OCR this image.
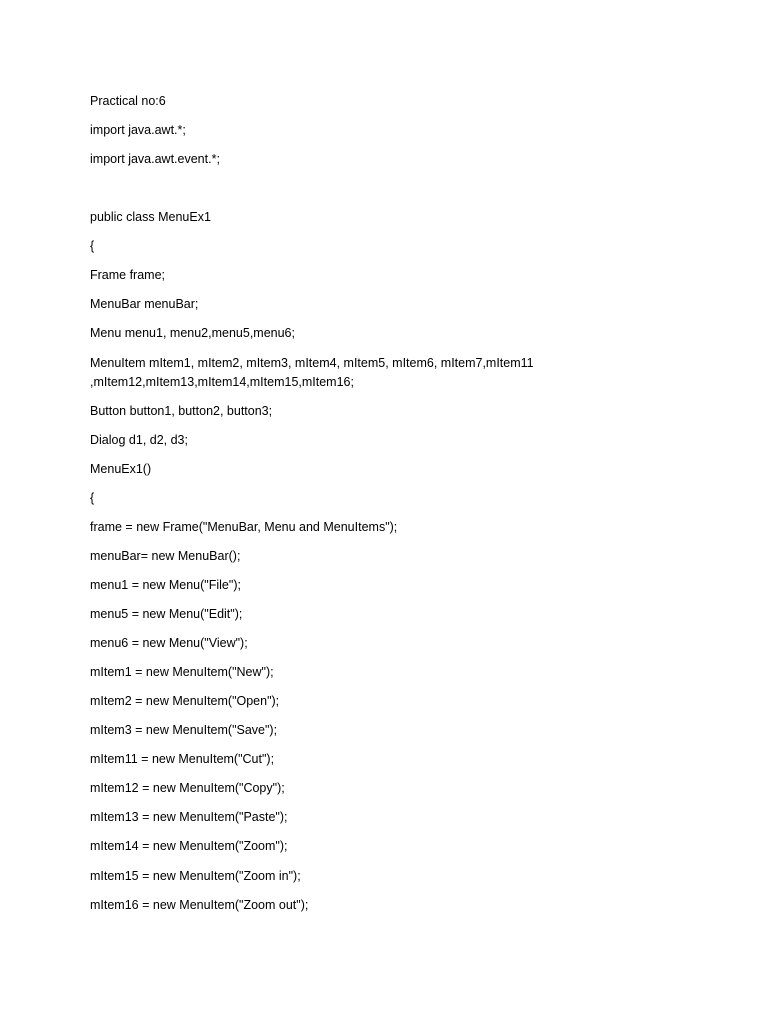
Practical no:6

import java.awt.*;

import java.awt.event.*;

public class MenuEx1

{

Frame frame;

MenuBar menuBar;

Menu menu1, menu2,menu5,menu6;

MenuItem mItem1, mItem2, mItem3, mItem4, mItem5, mItem6, mItem7,mItem11

,mItem12,mItem13,mItem14,mItem15,mItem16;

Button button1, button2, button3;

Dialog d1, d2, d3;

MenuEx1()

{

frame = new Frame("MenuBar, Menu and MenuItems");

menuBar= new MenuBar();

menu1 = new Menu("File");

menu5 = new Menu("Edit");

menu6 = new Menu("View");

mItem1 = new MenuItem("New");

mItem2 = new MenuItem("Open");

mItem3 = new MenuItem("Save");

mItem11 = new MenuItem("Cut");

mItem12 = new MenuItem("Copy");

mItem13 = new MenuItem("Paste");

mItem14 = new MenuItem("Zoom");

mItem15 = new MenuItem("Zoom in");

mItem16 = new MenuItem("Zoom out");
